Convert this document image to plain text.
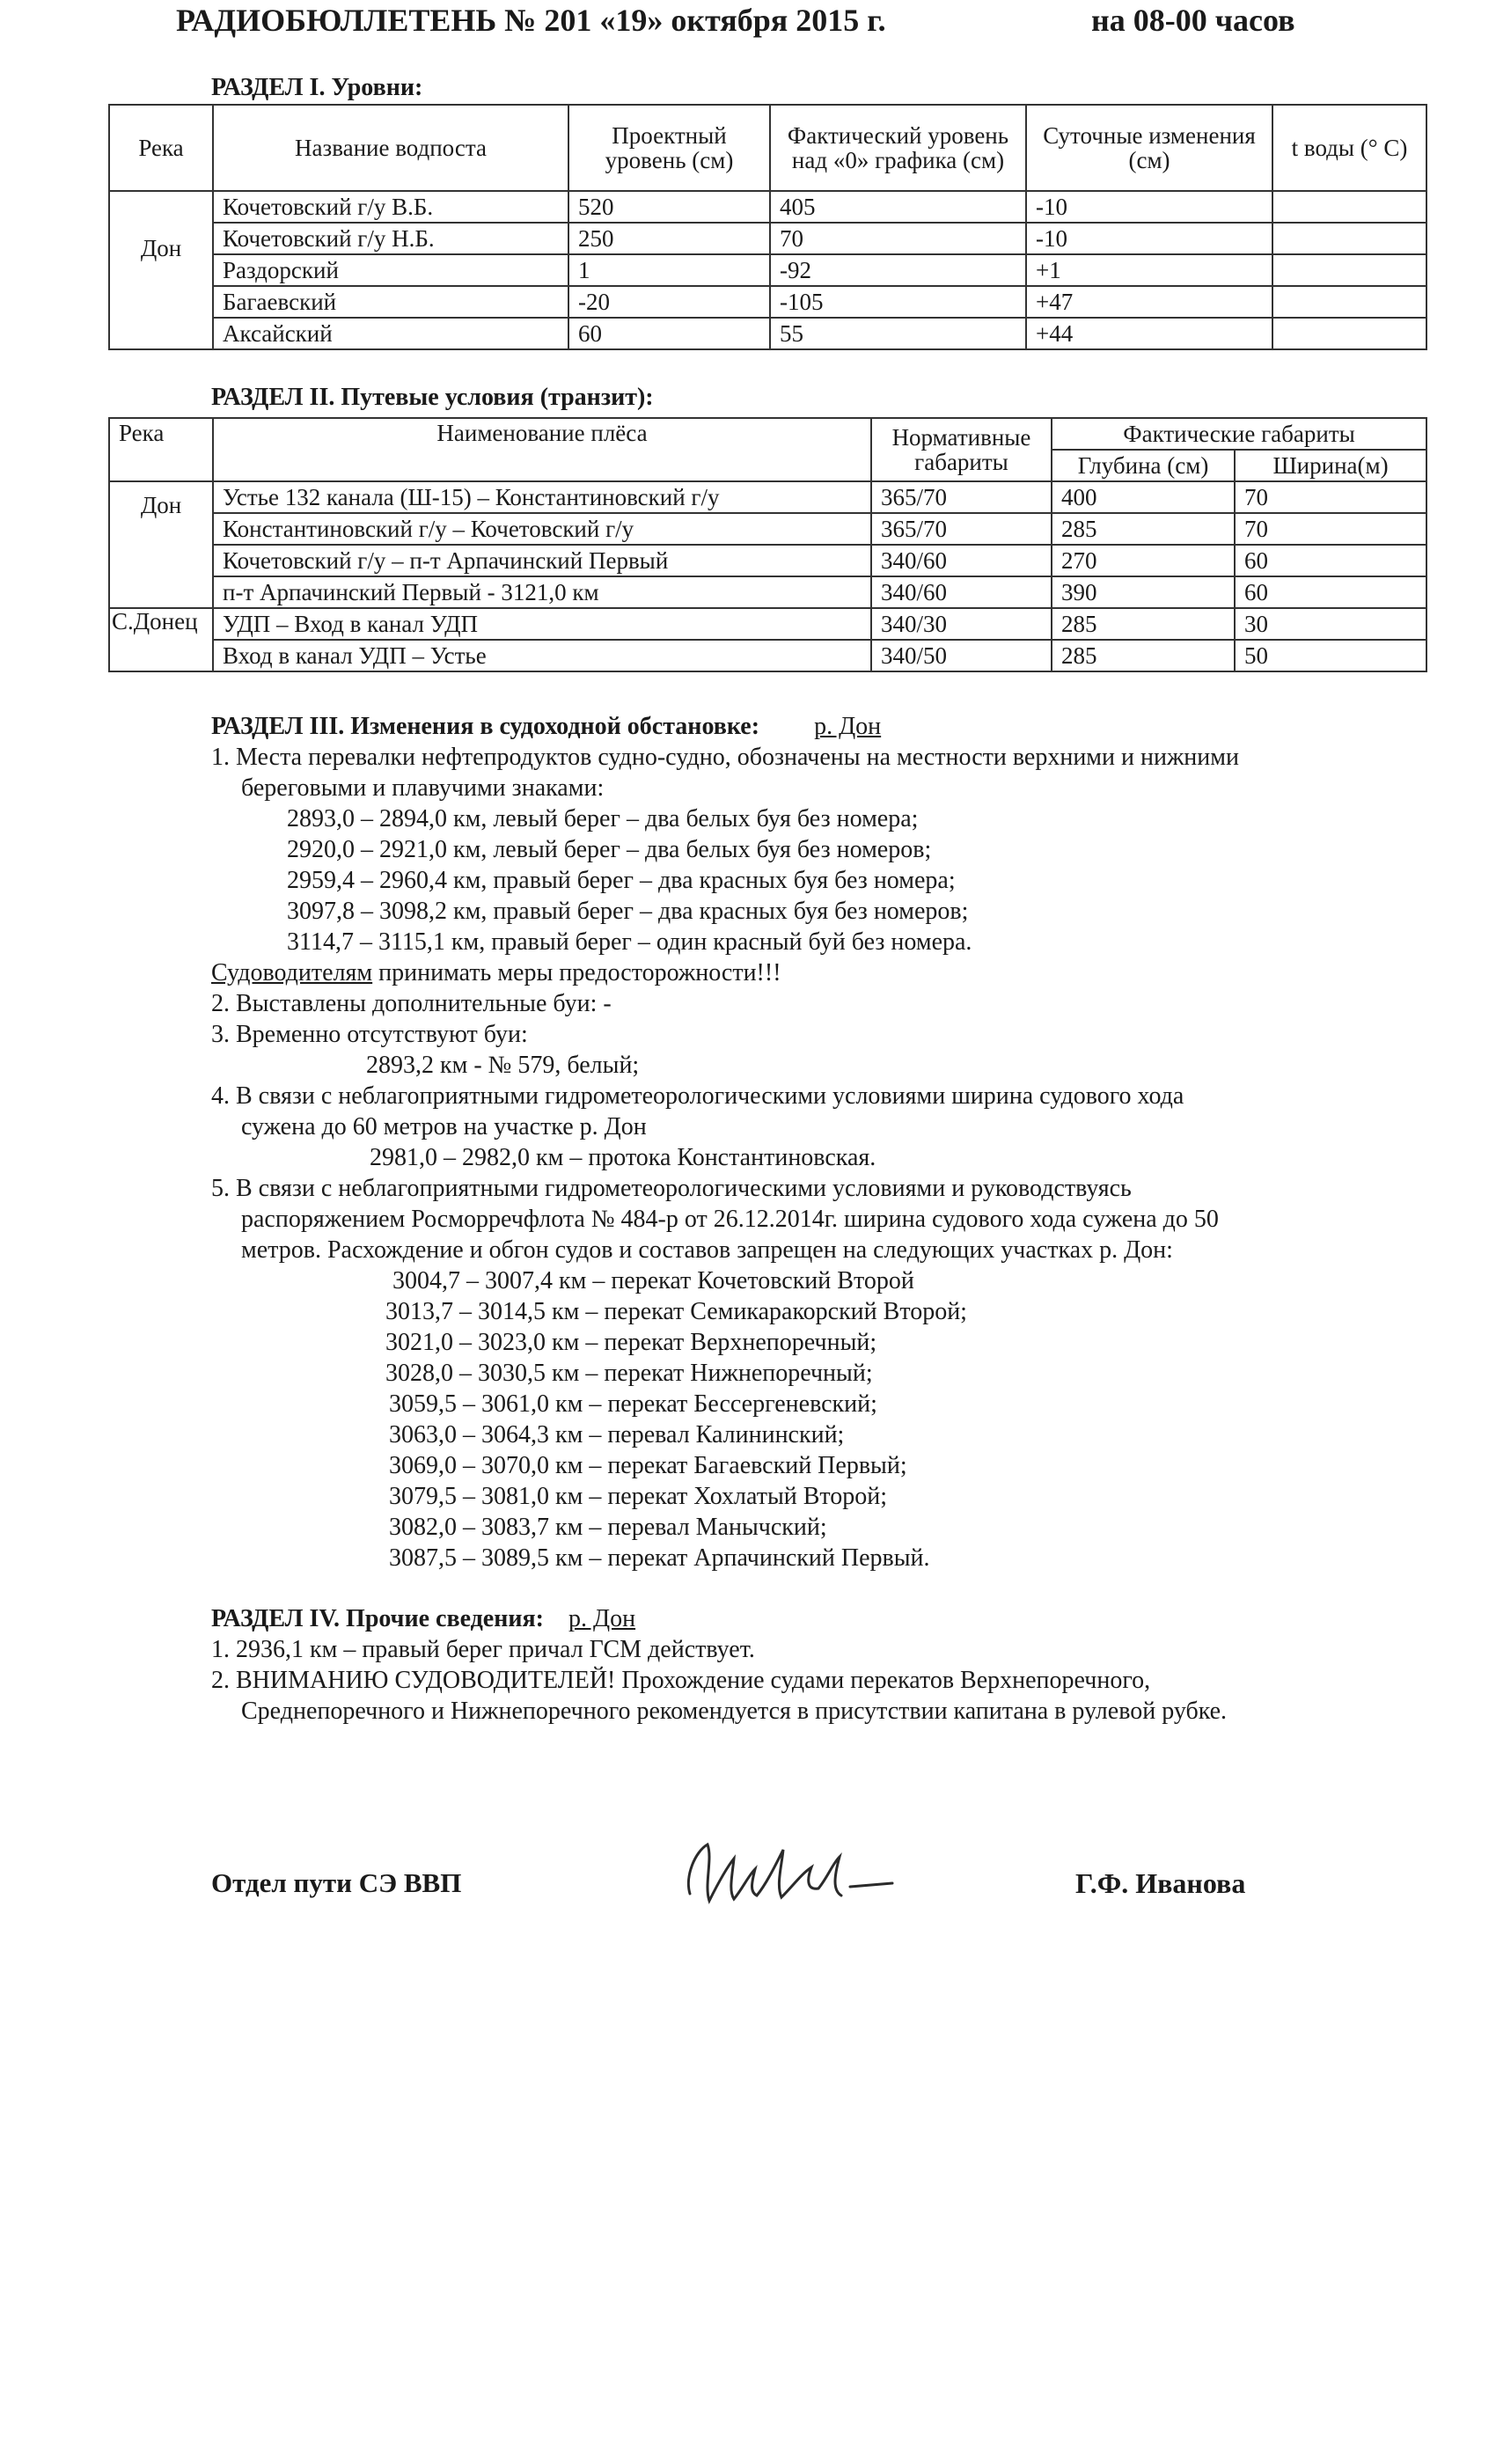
РАДИОБЮЛЛЕТЕНЬ № 201 «19» октября 2015 г.	на 08-00 часов
РАЗДЕЛ I. Уровни:
Река	Название водпоста	Проектный уровень (см)	Фактический уровень над «0» графика (см)	Суточные изменения (см)	t воды (° С)
Дон	Кочетовский г/у В.Б.	520	405	-10	
	Кочетовский г/у Н.Б.	250	70	-10	
	Раздорский	1	-92	+1	
	Багаевский	-20	-105	+47	
	Аксайский	60	55	+44	
РАЗДЕЛ II. Путевые условия (транзит):
Река	Наименование плёса	Нормативные габариты	Фактические габариты	
			Глубина (см)	Ширина(м)
Дон	Устье 132 канала (Ш-15) – Константиновский г/у	365/70	400	70
	Константиновский г/у – Кочетовский г/у	365/70	285	70
	Кочетовский г/у – п-т Арпачинский Первый	340/60	270	60
	п-т Арпачинский Первый - 3121,0 км	340/60	390	60
С.Донец	УДП – Вход в канал УДП	340/30	285	30
	Вход в канал УДП – Устье	340/50	285	50
РАЗДЕЛ III. Изменения в судоходной обстановке: р. Дон
1. Места перевалки нефтепродуктов судно-судно, обозначены на местности верхними и нижними
береговыми и плавучими знаками:
2893,0 – 2894,0 км, левый берег – два белых буя без номера;
2920,0 – 2921,0 км, левый берег – два белых буя без номеров;
2959,4 – 2960,4 км, правый берег – два красных буя без номера;
3097,8 – 3098,2 км, правый берег – два красных буя без номеров;
3114,7 – 3115,1 км, правый берег – один красный буй без номера.
Судоводителям принимать меры предосторожности!!!
2. Выставлены дополнительные буи: -
3. Временно отсутствуют буи:
2893,2 км - № 579, белый;
4. В связи с неблагоприятными гидрометеорологическими условиями ширина судового хода
сужена до 60 метров на участке р. Дон
2981,0 – 2982,0 км – протока Константиновская.
5. В связи с неблагоприятными гидрометеорологическими условиями и руководствуясь
распоряжением Росморречфлота № 484-р от 26.12.2014г. ширина судового хода сужена до 50
метров. Расхождение и обгон судов и составов запрещен на следующих участках р. Дон:
3004,7 – 3007,4 км – перекат Кочетовский Второй
3013,7 – 3014,5 км – перекат Семикаракорский Второй;
3021,0 – 3023,0 км – перекат Верхнепоречный;
3028,0 – 3030,5 км – перекат Нижнепоречный;
3059,5 – 3061,0 км – перекат Бессергеневский;
3063,0 – 3064,3 км – перевал Калининский;
3069,0 – 3070,0 км – перекат Багаевский Первый;
3079,5 – 3081,0 км – перекат Хохлатый Второй;
3082,0 – 3083,7 км – перевал Манычский;
3087,5 – 3089,5 км – перекат Арпачинский Первый.
РАЗДЕЛ IV. Прочие сведения: р. Дон
1. 2936,1 км – правый берег причал ГСМ действует.
2. ВНИМАНИЮ СУДОВОДИТЕЛЕЙ! Прохождение судами перекатов Верхнепоречного,
Среднепоречного и Нижнепоречного рекомендуется в присутствии капитана в рулевой рубке.
Отдел пути СЭ ВВП	Г.Ф. Иванова
